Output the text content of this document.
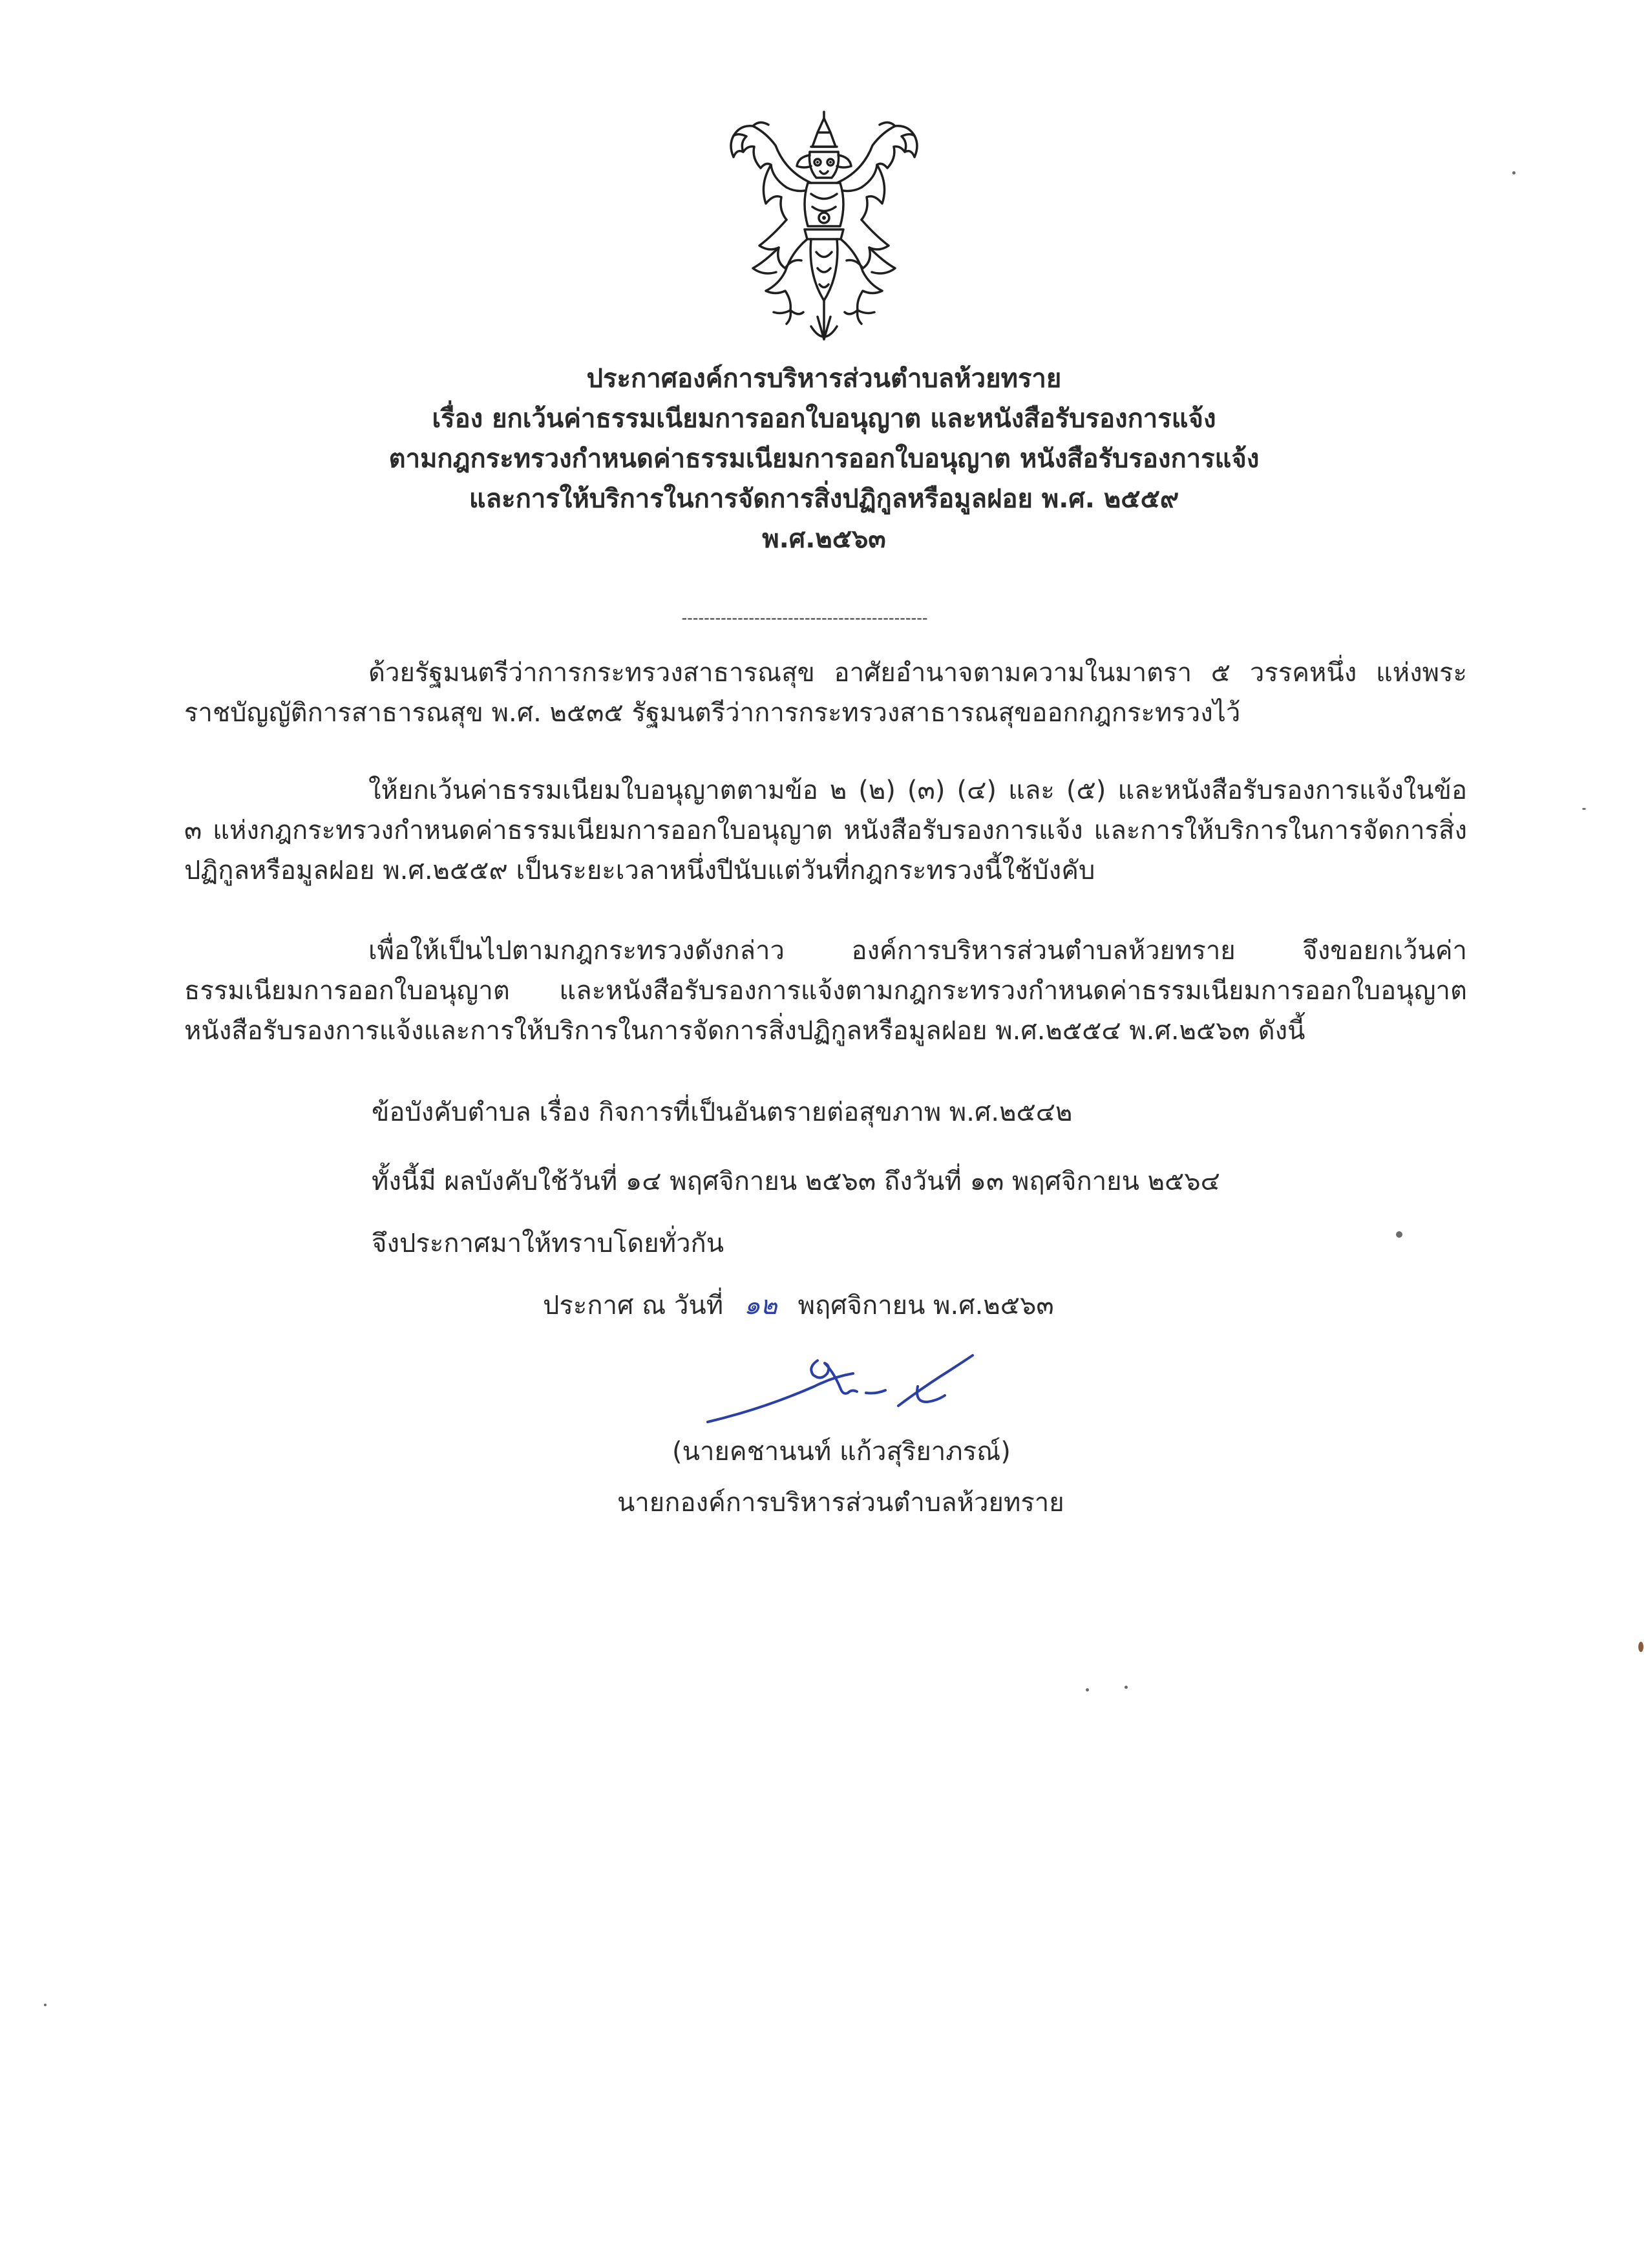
ประกาศองค์การบริหารส่วนตำบลห้วยทราย
เรื่อง ยกเว้นค่าธรรมเนียมการออกใบอนุญาต และหนังสือรับรองการแจ้ง
ตามกฎกระทรวงกำหนดค่าธรรมเนียมการออกใบอนุญาต หนังสือรับรองการแจ้ง
และการให้บริการในการจัดการสิ่งปฏิกูลหรือมูลฝอย พ.ศ. ๒๕๕๙
พ.ศ.๒๕๖๓
--------------------------------------------
ด้วยรัฐมนตรีว่าการกระทรวงสาธารณสุข อาศัยอำนาจตามความในมาตรา ๕ วรรคหนึ่ง แห่งพระราชบัญญัติการสาธารณสุข พ.ศ. ๒๕๓๕ รัฐมนตรีว่าการกระทรวงสาธารณสุขออกกฎกระทรวงไว้
ให้ยกเว้นค่าธรรมเนียมใบอนุญาตตามข้อ ๒ (๒) (๓) (๔) และ (๕) และหนังสือรับรองการแจ้งในข้อ ๓ แห่งกฎกระทรวงกำหนดค่าธรรมเนียมการออกใบอนุญาต หนังสือรับรองการแจ้ง และการให้บริการในการจัดการสิ่งปฏิกูลหรือมูลฝอย พ.ศ.๒๕๕๙ เป็นระยะเวลาหนึ่งปีนับแต่วันที่กฎกระทรวงนี้ใช้บังคับ
เพื่อให้เป็นไปตามกฎกระทรวงดังกล่าว องค์การบริหารส่วนตำบลห้วยทราย จึงขอยกเว้นค่าธรรมเนียมการออกใบอนุญาต และหนังสือรับรองการแจ้งตามกฎกระทรวงกำหนดค่าธรรมเนียมการออกใบอนุญาต หนังสือรับรองการแจ้งและการให้บริการในการจัดการสิ่งปฏิกูลหรือมูลฝอย พ.ศ.๒๕๕๔ พ.ศ.๒๕๖๓ ดังนี้
ข้อบังคับตำบล เรื่อง กิจการที่เป็นอันตรายต่อสุขภาพ พ.ศ.๒๕๔๒
ทั้งนี้มี ผลบังคับใช้วันที่ ๑๔ พฤศจิกายน ๒๕๖๓ ถึงวันที่ ๑๓ พฤศจิกายน ๒๕๖๔
จึงประกาศมาให้ทราบโดยทั่วกัน
ประกาศ ณ วันที่ ๑๒ พฤศจิกายน พ.ศ.๒๕๖๓
(นายคชานนท์ แก้วสุริยาภรณ์)
นายกองค์การบริหารส่วนตำบลห้วยทราย
